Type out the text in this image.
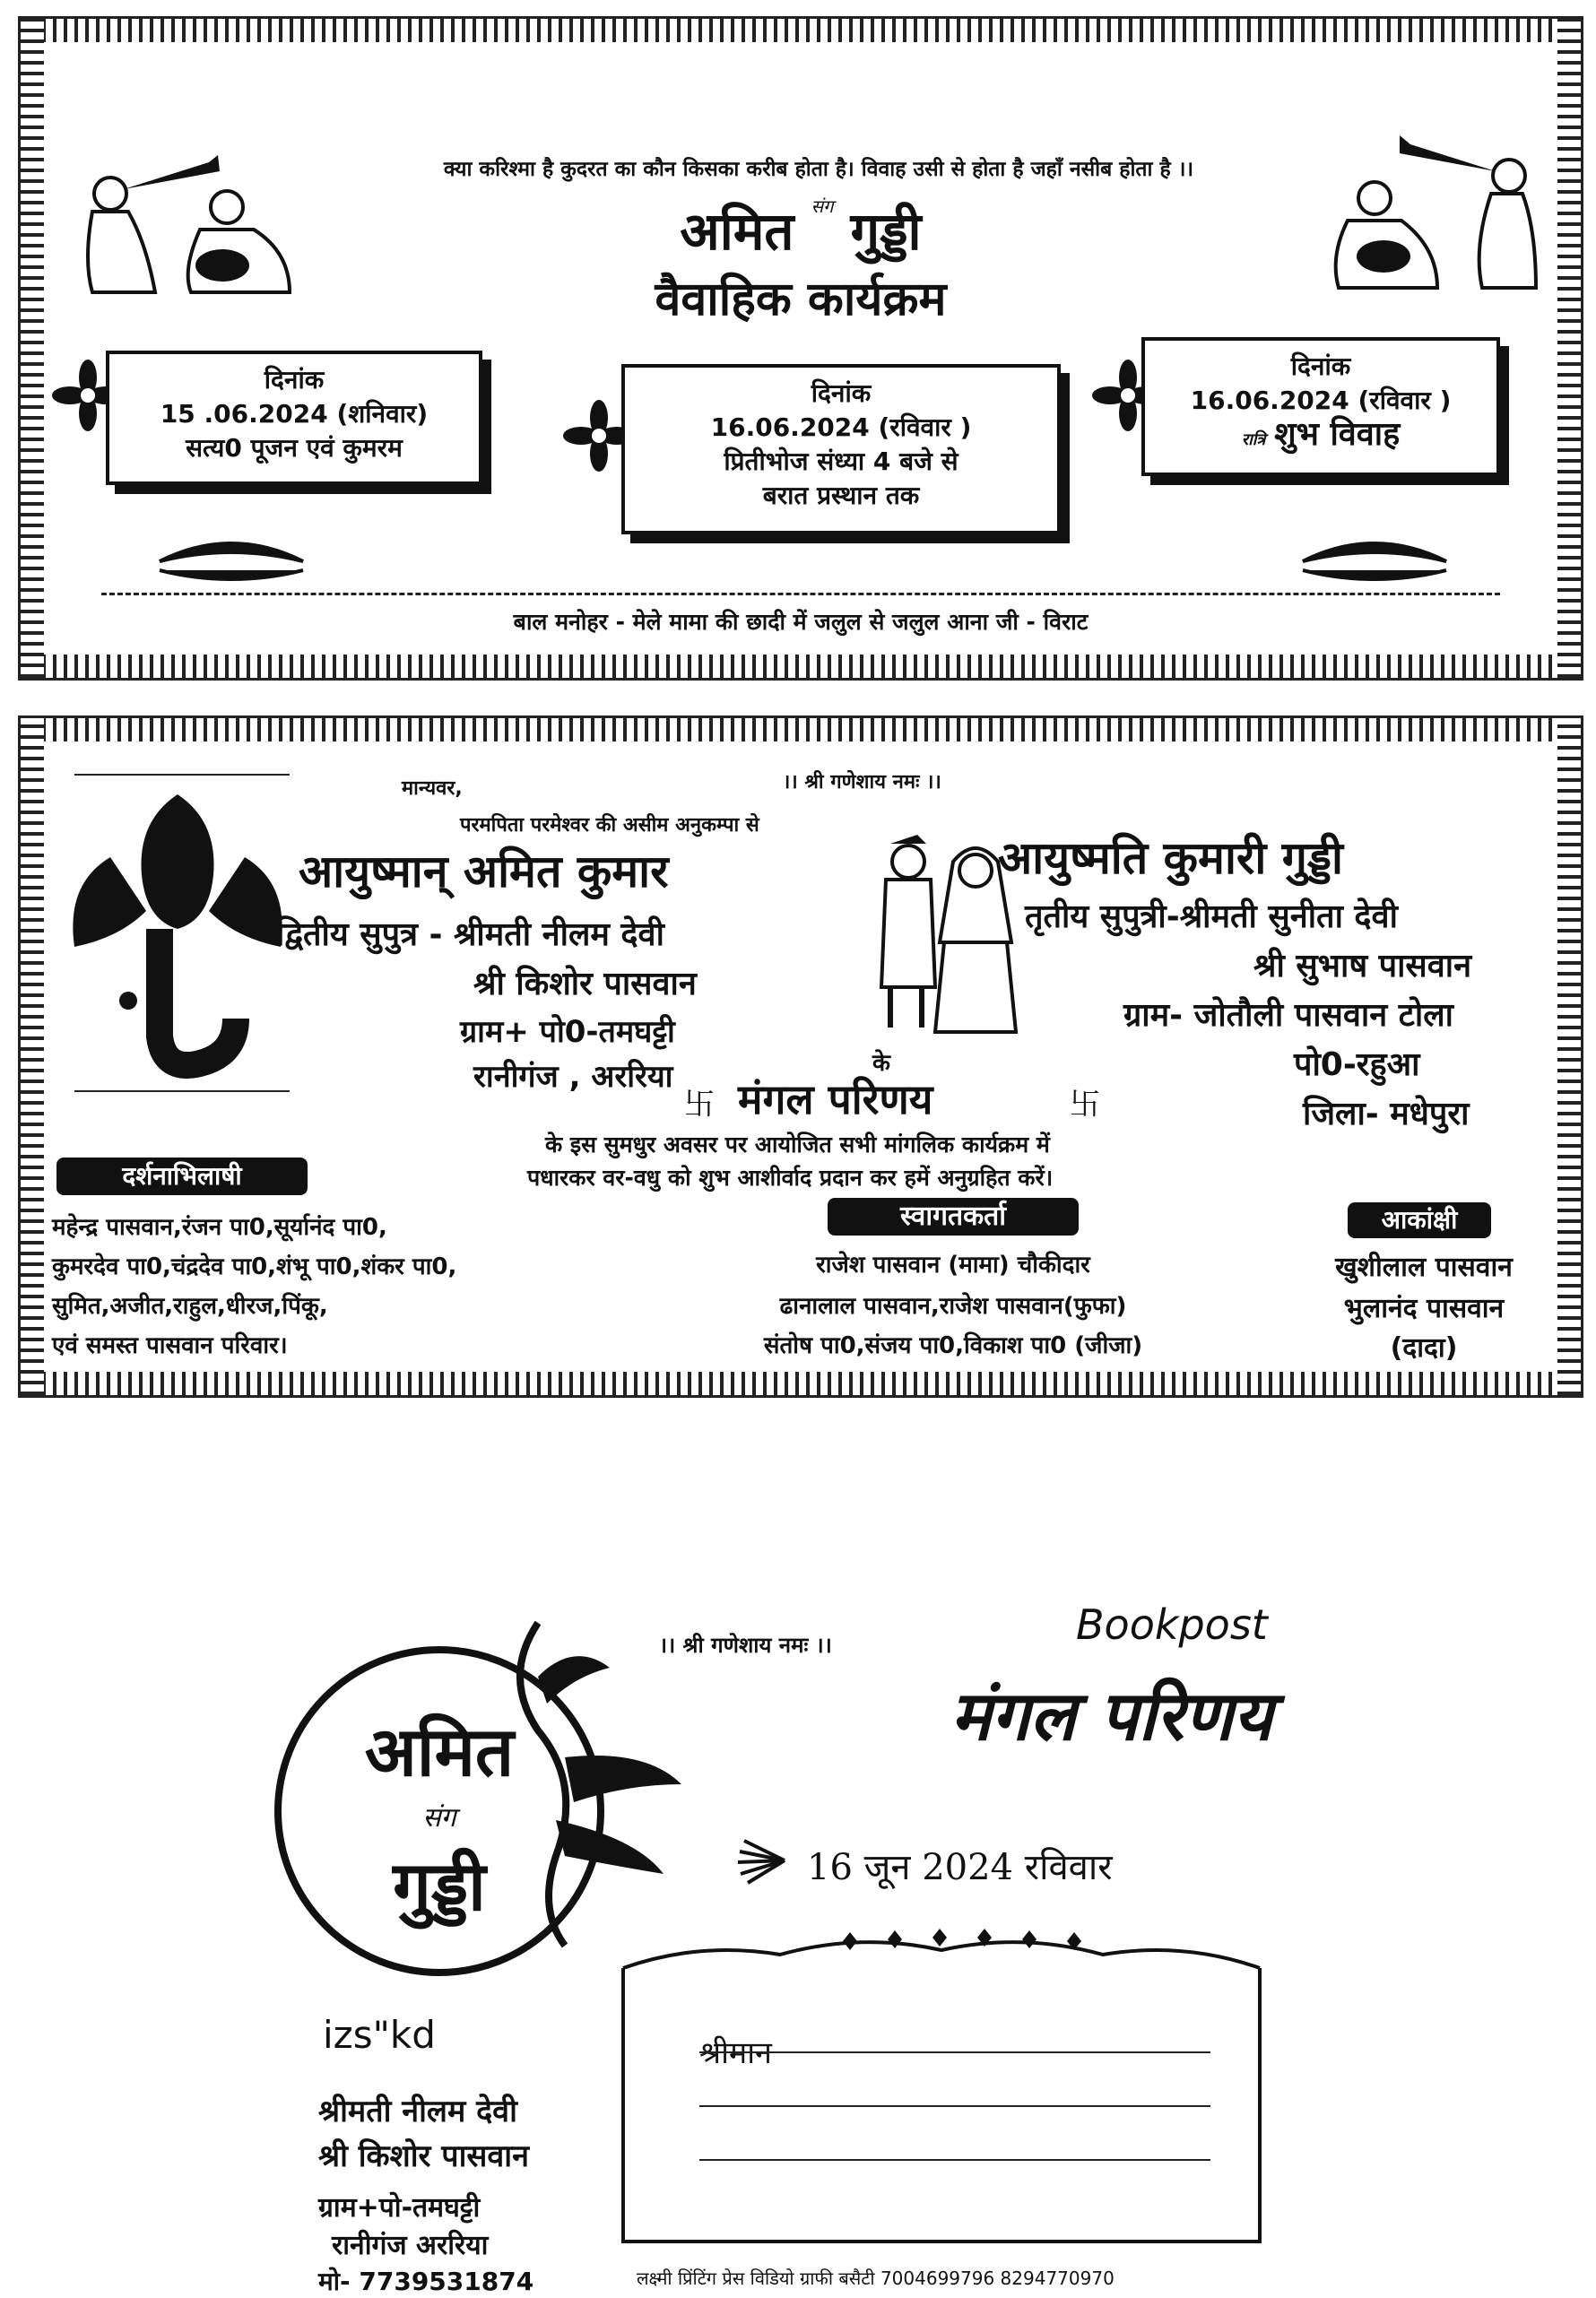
क्या करिश्मा है कुदरत का कौन किसका करीब होता है। विवाह उसी से होता है जहाँ नसीब होता है ।।
अमित संग गुड्डी
वैवाहिक कार्यक्रम
दिनांक
15 .06.2024 (शनिवार)
सत्य0 पूजन एवं कुमरम
दिनांक
16.06.2024 (रविवार )
प्रितीभोज संध्या 4 बजे से
बरात प्रस्थान तक
दिनांक
16.06.2024 (रविवार )
रात्रि शुभ विवाह
बाल मनोहर - मेले मामा की छादी में जलुल से जलुल आना जी - विराट
मान्यवर,
परमपिता परमेश्वर की असीम अनुकम्पा से
।। श्री गणेशाय नमः ।।
आयुष्मान् अमित कुमार
द्वितीय सुपुत्र - श्रीमती नीलम देवी
श्री किशोर पासवान
ग्राम+ पो0-तमघट्टी
रानीगंज , अररिया
आयुष्मति कुमारी गुड्डी
तृतीय सुपुत्री-श्रीमती सुनीता देवी
श्री सुभाष पासवान
ग्राम- जोतौली पासवान टोला
पो0-रहुआ
जिला- मधेपुरा
के
卐 मंगल परिणय	卐
के इस सुमधुर अवसर पर आयोजित सभी मांगलिक कार्यक्रम में
पधारकर वर-वधु को शुभ आशीर्वाद प्रदान कर हमें अनुग्रहित करें।
दर्शनाभिलाषी
महेन्द्र पासवान,रंजन पा0,सूर्यानंद पा0,
कुमरदेव पा0,चंद्रदेव पा0,शंभू पा0,शंकर पा0,
सुमित,अजीत,राहुल,धीरज,पिंकू,
एवं समस्त पासवान परिवार।
स्वागतकर्ता
राजेश पासवान (मामा) चौकीदार
ढानालाल पासवान,राजेश पासवान(फुफा)
संतोष पा0,संजय पा0,विकाश पा0 (जीजा)
आकांक्षी
खुशीलाल पासवान
भुलानंद पासवान
(दादा)
अमित
संग
गुड्डी
।। श्री गणेशाय नमः ।।	Bookpost
मंगल परिणय
16 जून 2024 रविवार
izs"kd
श्रीमती नीलम देवी
श्री किशोर पासवान
ग्राम+पो-तमघट्टी
रानीगंज अररिया
मो- 7739531874
श्रीमान
लक्ष्मी प्रिंटिंग प्रेस विडियो ग्राफी बसैटी 7004699796 8294770970
